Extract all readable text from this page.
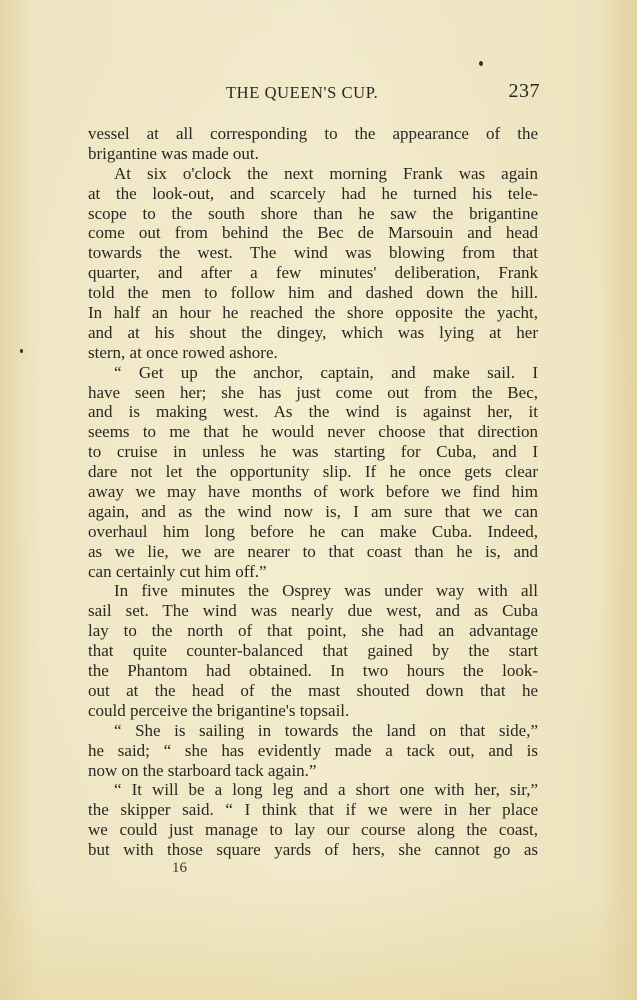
THE QUEEN'S CUP.	237
vessel at all corresponding to the appearance of the
brigantine was made out.
At six o'clock the next morning Frank was again
at the look-out, and scarcely had he turned his tele-
scope to the south shore than he saw the brigantine
come out from behind the Bec de Marsouin and head
towards the west. The wind was blowing from that
quarter, and after a few minutes' deliberation, Frank
told the men to follow him and dashed down the hill.
In half an hour he reached the shore opposite the yacht,
and at his shout the dingey, which was lying at her
stern, at once rowed ashore.
“ Get up the anchor, captain, and make sail. I
have seen her; she has just come out from the Bec,
and is making west. As the wind is against her, it
seems to me that he would never choose that direction
to cruise in unless he was starting for Cuba, and I
dare not let the opportunity slip. If he once gets clear
away we may have months of work before we find him
again, and as the wind now is, I am sure that we can
overhaul him long before he can make Cuba. Indeed,
as we lie, we are nearer to that coast than he is, and
can certainly cut him off.”
In five minutes the Osprey was under way with all
sail set. The wind was nearly due west, and as Cuba
lay to the north of that point, she had an advantage
that quite counter-balanced that gained by the start
the Phantom had obtained. In two hours the look-
out at the head of the mast shouted down that he
could perceive the brigantine's topsail.
“ She is sailing in towards the land on that side,”
he said; “ she has evidently made a tack out, and is
now on the starboard tack again.”
“ It will be a long leg and a short one with her, sir,”
the skipper said. “ I think that if we were in her place
we could just manage to lay our course along the coast,
but with those square yards of hers, she cannot go as
16
